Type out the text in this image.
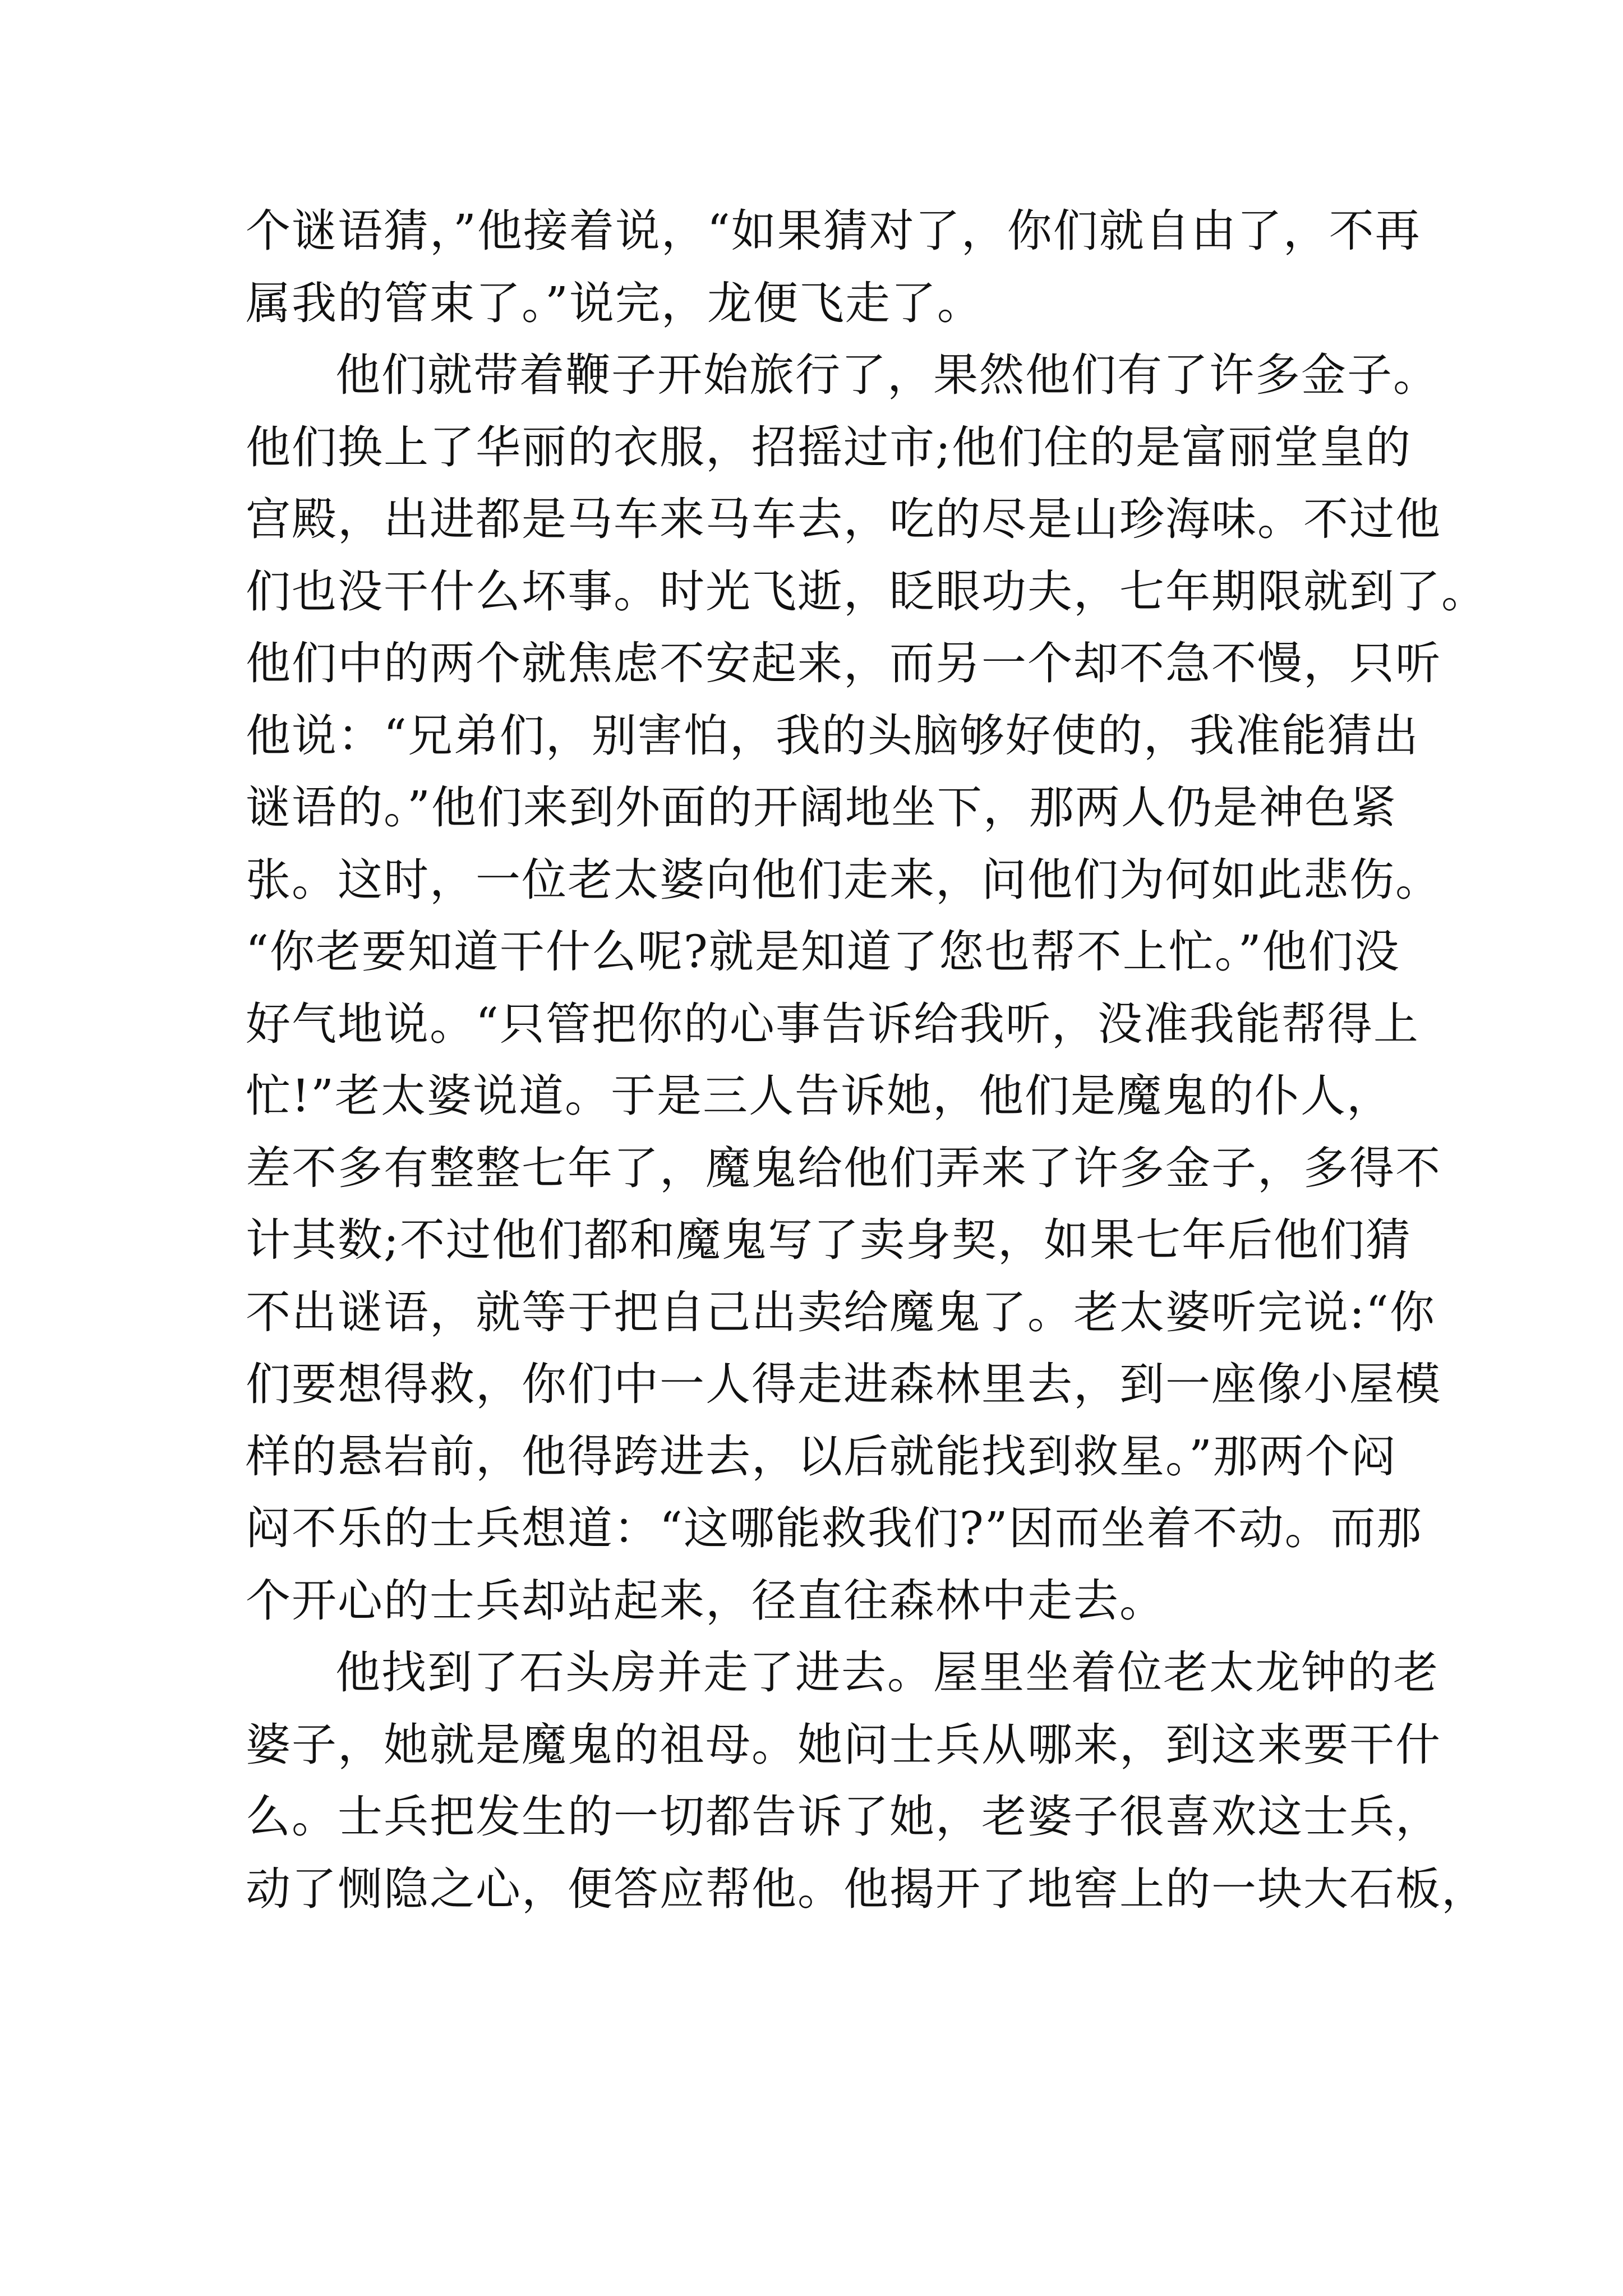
个谜语猜，”他接着说，“如果猜对了，你们就自由了，不再
属我的管束了。”说完，龙便飞走了。
他们就带着鞭子开始旅行了，果然他们有了许多金子。
他们换上了华丽的衣服，招摇过市;他们住的是富丽堂皇的
宫殿，出进都是马车来马车去，吃的尽是山珍海味。不过他
们也没干什么坏事。时光飞逝，眨眼功夫，七年期限就到了。
他们中的两个就焦虑不安起来，而另一个却不急不慢，只听
他说：“兄弟们，别害怕，我的头脑够好使的，我准能猜出
谜语的。”他们来到外面的开阔地坐下，那两人仍是神色紧
张。这时，一位老太婆向他们走来，问他们为何如此悲伤。
“你老要知道干什么呢?就是知道了您也帮不上忙。”他们没
好气地说。“只管把你的心事告诉给我听，没准我能帮得上
忙!”老太婆说道。于是三人告诉她，他们是魔鬼的仆人，
差不多有整整七年了，魔鬼给他们弄来了许多金子，多得不
计其数;不过他们都和魔鬼写了卖身契，如果七年后他们猜
不出谜语，就等于把自己出卖给魔鬼了。老太婆听完说:“你
们要想得救，你们中一人得走进森林里去，到一座像小屋模
样的悬岩前，他得跨进去，以后就能找到救星。”那两个闷
闷不乐的士兵想道：“这哪能救我们?”因而坐着不动。而那
个开心的士兵却站起来，径直往森林中走去。
他找到了石头房并走了进去。屋里坐着位老太龙钟的老
婆子，她就是魔鬼的祖母。她问士兵从哪来，到这来要干什
么。士兵把发生的一切都告诉了她，老婆子很喜欢这士兵，
动了恻隐之心，便答应帮他。他揭开了地窖上的一块大石板，
